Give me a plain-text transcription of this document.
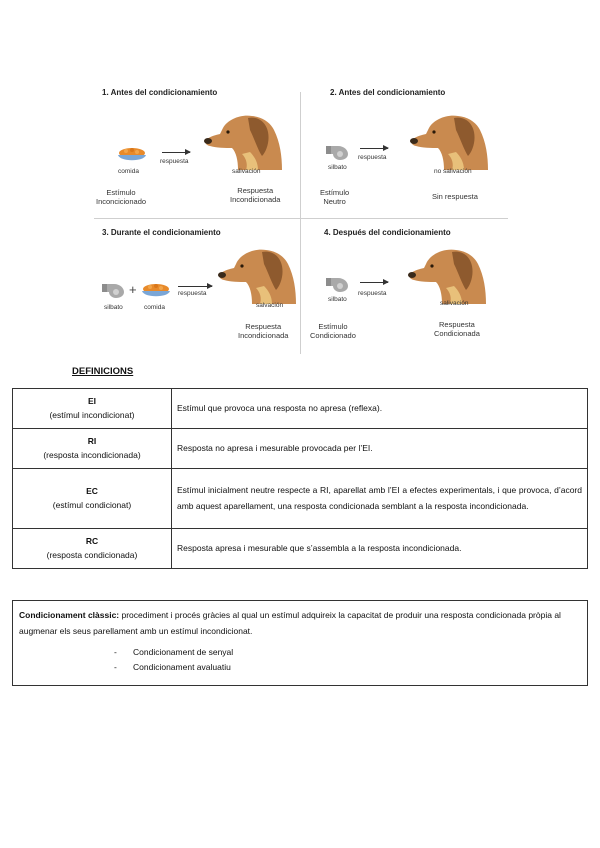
1. Antes del condicionamiento
comida
respuesta
salivación
Estímulo
Inconcicionado
Respuesta
Incondicionada
2. Antes del condicionamiento
silbato
respuesta
no salivación
Estímulo
Neutro
Sin respuesta
3. Durante el condicionamiento
+
silbato	comida
respuesta
salvación
Respuesta
Incondicionada
4. Después del condicionamiento
silbato
respuesta
salivación
Estímulo
Condicionado
Respuesta
Condicionada
DEFINICIONS
EI
(estímul incondicionat)	Estímul que provoca una resposta no apresa (reflexa).

RI
(resposta incondicionada)	Resposta no apresa i mesurable provocada per l’EI.

EC
(estímul condicionat)	Estímul inicialment neutre respecte a RI, aparellat amb l’EI a efectes experimentals, i que provoca, d’acord amb aquest aparellament, una resposta condicionada semblant a la resposta incondicionada.

RC
(resposta condicionada)	Resposta apresa i mesurable que s’assembla a la resposta incondicionada.
Condicionament clàssic: procediment i procés gràcies al qual un estímul adquireix la capacitat de produir una resposta condicionada pròpia al augmenar els seus parellament amb un estímul incondicionat.
- Condicionament de senyal
- Condicionament avaluatiu
